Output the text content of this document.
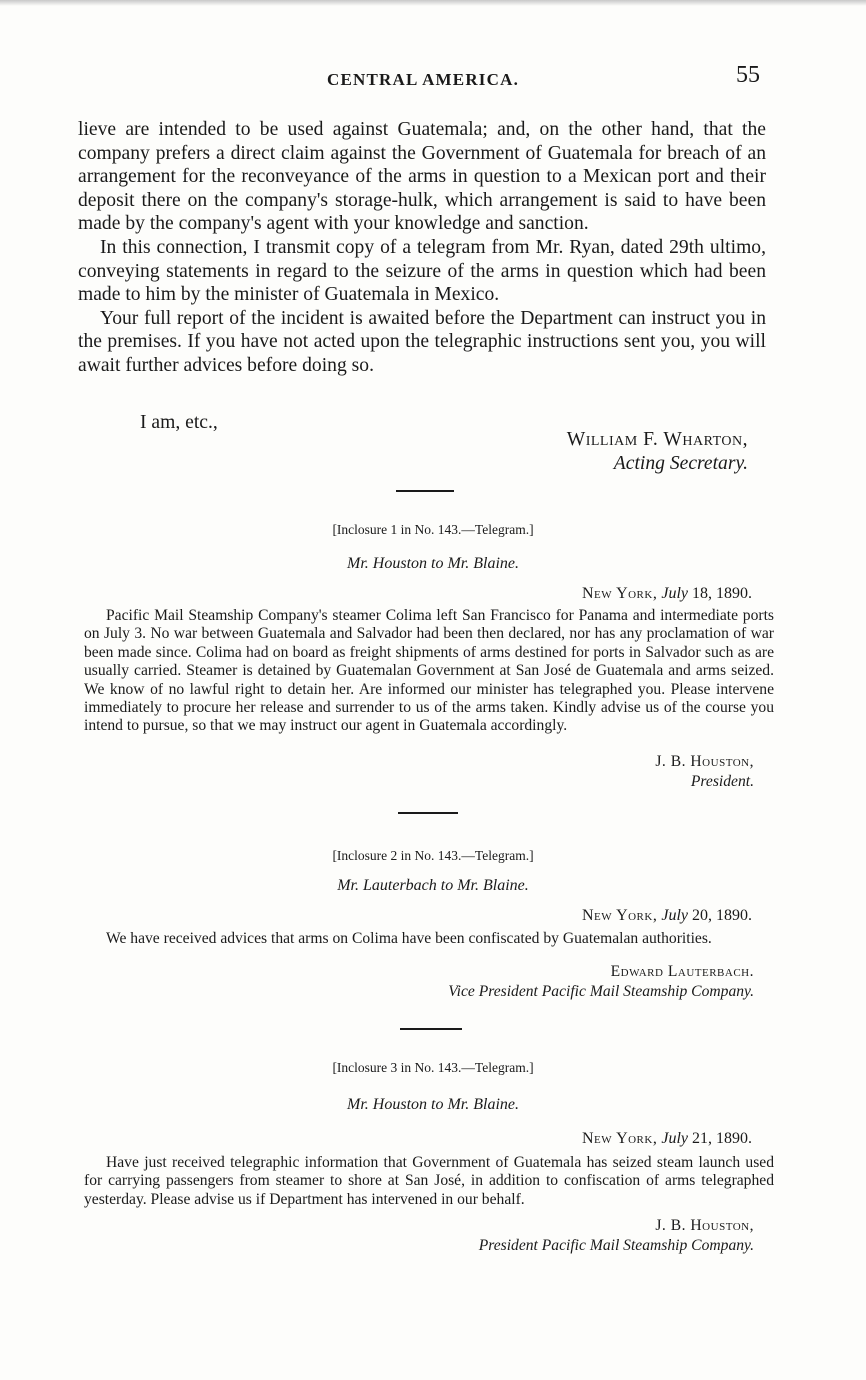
CENTRAL AMERICA.	55

lieve are intended to be used against Guatemala; and, on the other hand, that the company prefers a direct claim against the Government of Guatemala for breach of an arrangement for the reconveyance of the arms in question to a Mexican port and their deposit there on the company's storage-hulk, which arrangement is said to have been made by the company's agent with your knowledge and sanction.

In this connection, I transmit copy of a telegram from Mr. Ryan, dated 29th ultimo, conveying statements in regard to the seizure of the arms in question which had been made to him by the minister of Guatemala in Mexico.

Your full report of the incident is awaited before the Department can instruct you in the premises. If you have not acted upon the telegraphic instructions sent you, you will await further advices before doing so.

I am, etc.,
William F. Wharton,
Acting Secretary.
[Inclosure 1 in No. 143.—Telegram.]
Mr. Houston to Mr. Blaine.
New York, July 18, 1890.

Pacific Mail Steamship Company's steamer Colima left San Francisco for Panama and intermediate ports on July 3. No war between Guatemala and Salvador had been then declared, nor has any proclamation of war been made since. Colima had on board as freight shipments of arms destined for ports in Salvador such as are usually carried. Steamer is detained by Guatemalan Government at San José de Guatemala and arms seized. We know of no lawful right to detain her. Are informed our minister has telegraphed you. Please intervene immediately to procure her release and surrender to us of the arms taken. Kindly advise us of the course you intend to pursue, so that we may instruct our agent in Guatemala accordingly.

J. B. Houston,
President.
[Inclosure 2 in No. 143.—Telegram.]
Mr. Lauterbach to Mr. Blaine.
New York, July 20, 1890.

We have received advices that arms on Colima have been confiscated by Guatemalan authorities.

Edward Lauterbach.
Vice President Pacific Mail Steamship Company.
[Inclosure 3 in No. 143.—Telegram.]
Mr. Houston to Mr. Blaine.
New York, July 21, 1890.

Have just received telegraphic information that Government of Guatemala has seized steam launch used for carrying passengers from steamer to shore at San José, in addition to confiscation of arms telegraphed yesterday. Please advise us if Department has intervened in our behalf.

J. B. Houston,
President Pacific Mail Steamship Company.
